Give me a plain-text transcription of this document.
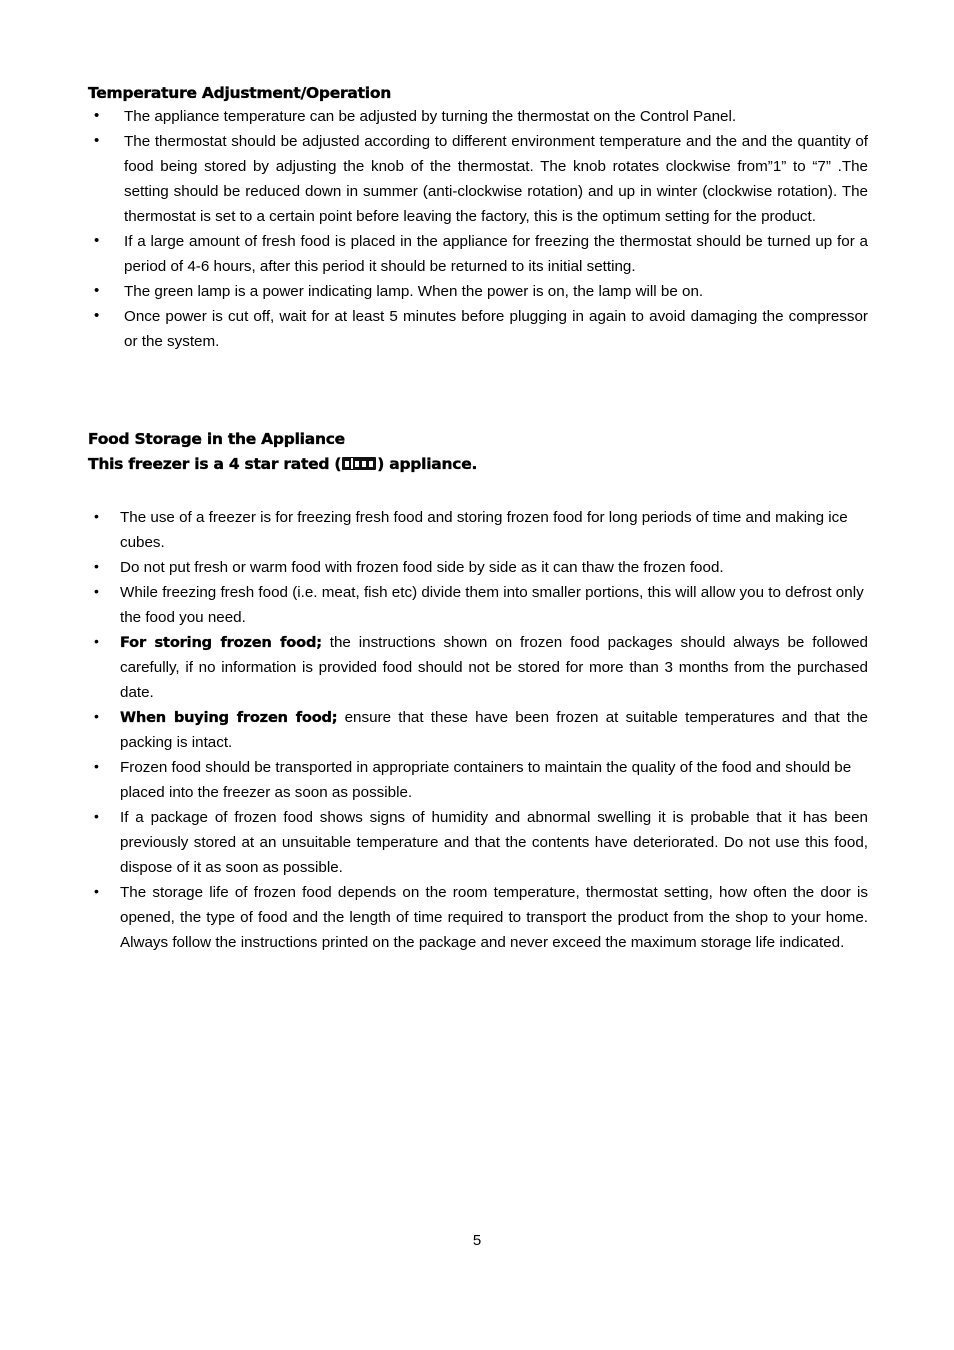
Temperature Adjustment/Operation
• The appliance temperature can be adjusted by turning the thermostat on the Control Panel.
• The thermostat should be adjusted according to different environment temperature and the and the quantity of food being stored by adjusting the knob of the thermostat. The knob rotates clockwise from”1” to “7” .The setting should be reduced down in summer (anti-clockwise rotation) and up in winter (clockwise rotation). The thermostat is set to a certain point before leaving the factory, this is the optimum setting for the product.
• If a large amount of fresh food is placed in the appliance for freezing the thermostat should be turned up for a period of 4-6 hours, after this period it should be returned to its initial setting.
• The green lamp is a power indicating lamp. When the power is on, the lamp will be on.
• Once power is cut off, wait for at least 5 minutes before plugging in again to avoid damaging the compressor or the system.
Food Storage in the Appliance
This freezer is a 4 star rated ( ) appliance.
• The use of a freezer is for freezing fresh food and storing frozen food for long periods of time and making ice cubes.
• Do not put fresh or warm food with frozen food side by side as it can thaw the frozen food.
• While freezing fresh food (i.e. meat, fish etc) divide them into smaller portions, this will allow you to defrost only the food you need.
• For storing frozen food; the instructions shown on frozen food packages should always be followed carefully, if no information is provided food should not be stored for more than 3 months from the purchased date.
• When buying frozen food; ensure that these have been frozen at suitable temperatures and that the packing is intact.
• Frozen food should be transported in appropriate containers to maintain the quality of the food and should be placed into the freezer as soon as possible.
• If a package of frozen food shows signs of humidity and abnormal swelling it is probable that it has been previously stored at an unsuitable temperature and that the contents have deteriorated. Do not use this food, dispose of it as soon as possible.
• The storage life of frozen food depends on the room temperature, thermostat setting, how often the door is opened, the type of food and the length of time required to transport the product from the shop to your home. Always follow the instructions printed on the package and never exceed the maximum storage life indicated.
5
